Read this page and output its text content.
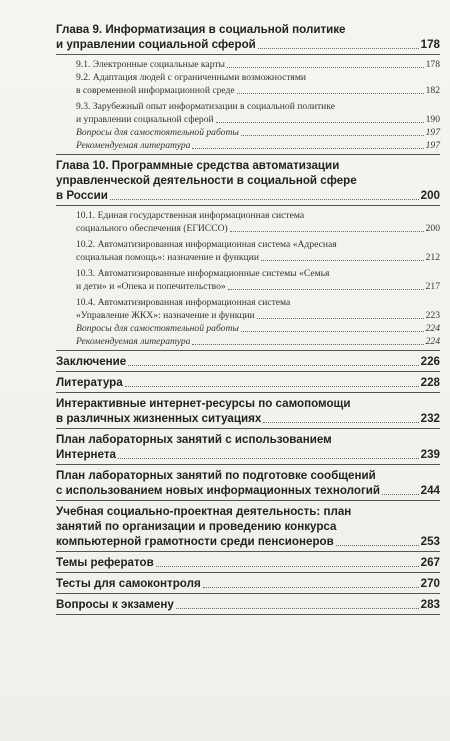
Глава 9. Информатизация в социальной политике
и управлении социальной сферой	178
9.1. Электронные социальные карты	178
9.2. Адаптация людей с ограниченными возможностями
в современной информационной среде	182
9.3. Зарубежный опыт информатизации в социальной политике
и управлении социальной сферой	190
Вопросы для самостоятельной работы	197
Рекомендуемая литература	197
Глава 10. Программные средства автоматизации
управленческой деятельности в социальной сфере
в России	200
10.1. Единая государственная информационная система
социального обеспечения (ЕГИССО)	200
10.2. Автоматизированная информационная система «Адресная
социальная помощь»: назначение и функции	212
10.3. Автоматизированные информационные системы «Семья
и дети» и «Опека и попечительство»	217
10.4. Автоматизированная информационная система
«Управление ЖКХ»: назначение и функции	223
Вопросы для самостоятельной работы	224
Рекомендуемая литература	224
Заключение	226
Литература	228
Интерактивные интернет-ресурсы по самопомощи
в различных жизненных ситуациях	232
План лабораторных занятий с использованием
Интернета	239
План лабораторных занятий по подготовке сообщений
с использованием новых информационных технологий	244
Учебная социально-проектная деятельность: план
занятий по организации и проведению конкурса
компьютерной грамотности среди пенсионеров	253
Темы рефератов	267
Тесты для самоконтроля	270
Вопросы к экзамену	283
